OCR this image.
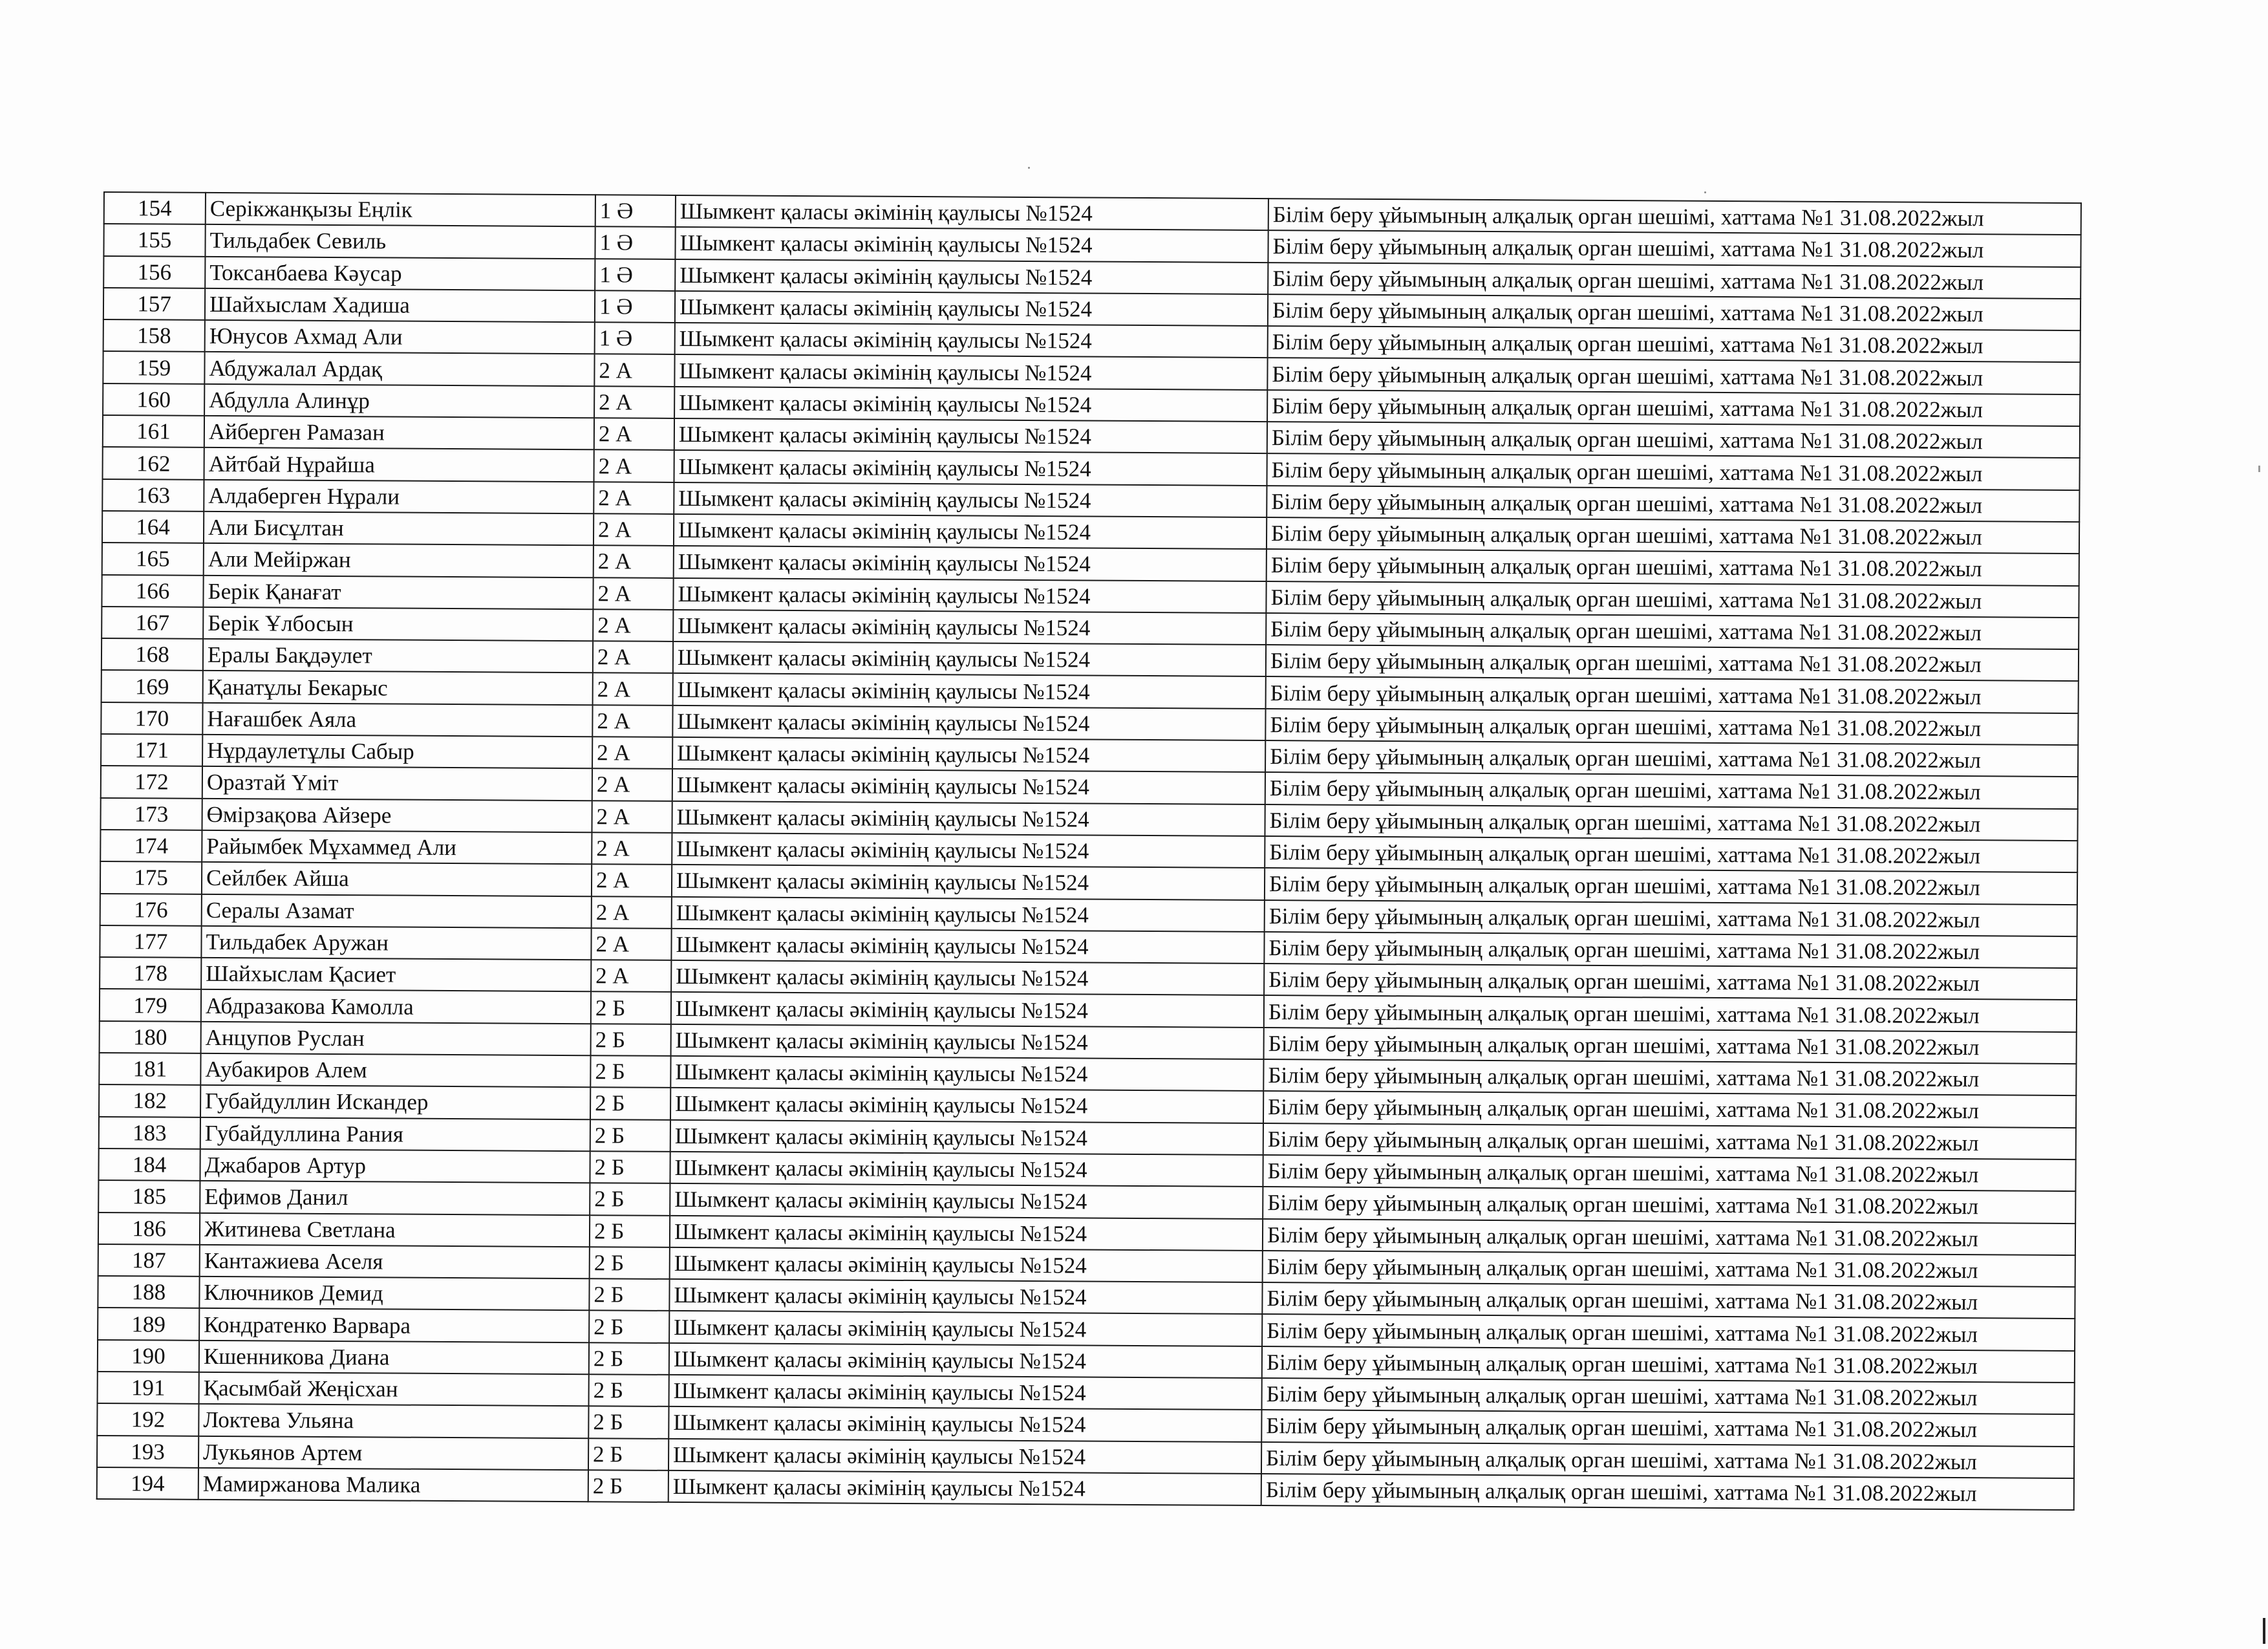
154	Серікжанқызы Еңлік	1 Ә	Шымкент қаласы әкімінің қаулысы №1524	Білім беру ұйымының алқалық орган шешімі, хаттама №1 31.08.2022жыл
155	Тильдабек Севиль	1 Ә	Шымкент қаласы әкімінің қаулысы №1524	Білім беру ұйымының алқалық орган шешімі, хаттама №1 31.08.2022жыл
156	Токсанбаева Кәусар	1 Ә	Шымкент қаласы әкімінің қаулысы №1524	Білім беру ұйымының алқалық орган шешімі, хаттама №1 31.08.2022жыл
157	Шайхыслам Хадиша	1 Ә	Шымкент қаласы әкімінің қаулысы №1524	Білім беру ұйымының алқалық орган шешімі, хаттама №1 31.08.2022жыл
158	Юнусов Ахмад Али	1 Ә	Шымкент қаласы әкімінің қаулысы №1524	Білім беру ұйымының алқалық орган шешімі, хаттама №1 31.08.2022жыл
159	Абдужалал Ардақ	2 А	Шымкент қаласы әкімінің қаулысы №1524	Білім беру ұйымының алқалық орган шешімі, хаттама №1 31.08.2022жыл
160	Абдулла Алинұр	2 А	Шымкент қаласы әкімінің қаулысы №1524	Білім беру ұйымының алқалық орган шешімі, хаттама №1 31.08.2022жыл
161	Айберген Рамазан	2 А	Шымкент қаласы әкімінің қаулысы №1524	Білім беру ұйымының алқалық орган шешімі, хаттама №1 31.08.2022жыл
162	Айтбай Нұрайша	2 А	Шымкент қаласы әкімінің қаулысы №1524	Білім беру ұйымының алқалық орган шешімі, хаттама №1 31.08.2022жыл
163	Алдаберген Нұрали	2 А	Шымкент қаласы әкімінің қаулысы №1524	Білім беру ұйымының алқалық орган шешімі, хаттама №1 31.08.2022жыл
164	Али Бисұлтан	2 А	Шымкент қаласы әкімінің қаулысы №1524	Білім беру ұйымының алқалық орган шешімі, хаттама №1 31.08.2022жыл
165	Али Мейіржан	2 А	Шымкент қаласы әкімінің қаулысы №1524	Білім беру ұйымының алқалық орган шешімі, хаттама №1 31.08.2022жыл
166	Берік Қанағат	2 А	Шымкент қаласы әкімінің қаулысы №1524	Білім беру ұйымының алқалық орган шешімі, хаттама №1 31.08.2022жыл
167	Берік Ұлбосын	2 А	Шымкент қаласы әкімінің қаулысы №1524	Білім беру ұйымының алқалық орган шешімі, хаттама №1 31.08.2022жыл
168	Ералы Бақдәулет	2 А	Шымкент қаласы әкімінің қаулысы №1524	Білім беру ұйымының алқалық орган шешімі, хаттама №1 31.08.2022жыл
169	Қанатұлы Бекарыс	2 А	Шымкент қаласы әкімінің қаулысы №1524	Білім беру ұйымының алқалық орган шешімі, хаттама №1 31.08.2022жыл
170	Нағашбек Аяла	2 А	Шымкент қаласы әкімінің қаулысы №1524	Білім беру ұйымының алқалық орган шешімі, хаттама №1 31.08.2022жыл
171	Нұрдаулетұлы Сабыр	2 А	Шымкент қаласы әкімінің қаулысы №1524	Білім беру ұйымының алқалық орган шешімі, хаттама №1 31.08.2022жыл
172	Оразтай Үміт	2 А	Шымкент қаласы әкімінің қаулысы №1524	Білім беру ұйымының алқалық орган шешімі, хаттама №1 31.08.2022жыл
173	Өмірзақова Айзере	2 А	Шымкент қаласы әкімінің қаулысы №1524	Білім беру ұйымының алқалық орган шешімі, хаттама №1 31.08.2022жыл
174	Райымбек Мұхаммед Али	2 А	Шымкент қаласы әкімінің қаулысы №1524	Білім беру ұйымының алқалық орган шешімі, хаттама №1 31.08.2022жыл
175	Сейлбек Айша	2 А	Шымкент қаласы әкімінің қаулысы №1524	Білім беру ұйымының алқалық орган шешімі, хаттама №1 31.08.2022жыл
176	Сералы Азамат	2 А	Шымкент қаласы әкімінің қаулысы №1524	Білім беру ұйымының алқалық орган шешімі, хаттама №1 31.08.2022жыл
177	Тильдабек Аружан	2 А	Шымкент қаласы әкімінің қаулысы №1524	Білім беру ұйымының алқалық орган шешімі, хаттама №1 31.08.2022жыл
178	Шайхыслам Қасиет	2 А	Шымкент қаласы әкімінің қаулысы №1524	Білім беру ұйымының алқалық орган шешімі, хаттама №1 31.08.2022жыл
179	Абдразакова Камолла	2 Б	Шымкент қаласы әкімінің қаулысы №1524	Білім беру ұйымының алқалық орган шешімі, хаттама №1 31.08.2022жыл
180	Анцупов Руслан	2 Б	Шымкент қаласы әкімінің қаулысы №1524	Білім беру ұйымының алқалық орган шешімі, хаттама №1 31.08.2022жыл
181	Аубакиров Алем	2 Б	Шымкент қаласы әкімінің қаулысы №1524	Білім беру ұйымының алқалық орган шешімі, хаттама №1 31.08.2022жыл
182	Губайдуллин Искандер	2 Б	Шымкент қаласы әкімінің қаулысы №1524	Білім беру ұйымының алқалық орган шешімі, хаттама №1 31.08.2022жыл
183	Губайдуллина Рания	2 Б	Шымкент қаласы әкімінің қаулысы №1524	Білім беру ұйымының алқалық орган шешімі, хаттама №1 31.08.2022жыл
184	Джабаров Артур	2 Б	Шымкент қаласы әкімінің қаулысы №1524	Білім беру ұйымының алқалық орган шешімі, хаттама №1 31.08.2022жыл
185	Ефимов Данил	2 Б	Шымкент қаласы әкімінің қаулысы №1524	Білім беру ұйымының алқалық орган шешімі, хаттама №1 31.08.2022жыл
186	Житинева Светлана	2 Б	Шымкент қаласы әкімінің қаулысы №1524	Білім беру ұйымының алқалық орган шешімі, хаттама №1 31.08.2022жыл
187	Кантажиева Аселя	2 Б	Шымкент қаласы әкімінің қаулысы №1524	Білім беру ұйымының алқалық орган шешімі, хаттама №1 31.08.2022жыл
188	Ключников Демид	2 Б	Шымкент қаласы әкімінің қаулысы №1524	Білім беру ұйымының алқалық орган шешімі, хаттама №1 31.08.2022жыл
189	Кондратенко Варвара	2 Б	Шымкент қаласы әкімінің қаулысы №1524	Білім беру ұйымының алқалық орган шешімі, хаттама №1 31.08.2022жыл
190	Кшенникова Диана	2 Б	Шымкент қаласы әкімінің қаулысы №1524	Білім беру ұйымының алқалық орган шешімі, хаттама №1 31.08.2022жыл
191	Қасымбай Жеңісхан	2 Б	Шымкент қаласы әкімінің қаулысы №1524	Білім беру ұйымының алқалық орган шешімі, хаттама №1 31.08.2022жыл
192	Локтева Ульяна	2 Б	Шымкент қаласы әкімінің қаулысы №1524	Білім беру ұйымының алқалық орган шешімі, хаттама №1 31.08.2022жыл
193	Лукьянов Артем	2 Б	Шымкент қаласы әкімінің қаулысы №1524	Білім беру ұйымының алқалық орган шешімі, хаттама №1 31.08.2022жыл
194	Мамиржанова Малика	2 Б	Шымкент қаласы әкімінің қаулысы №1524	Білім беру ұйымының алқалық орган шешімі, хаттама №1 31.08.2022жыл
